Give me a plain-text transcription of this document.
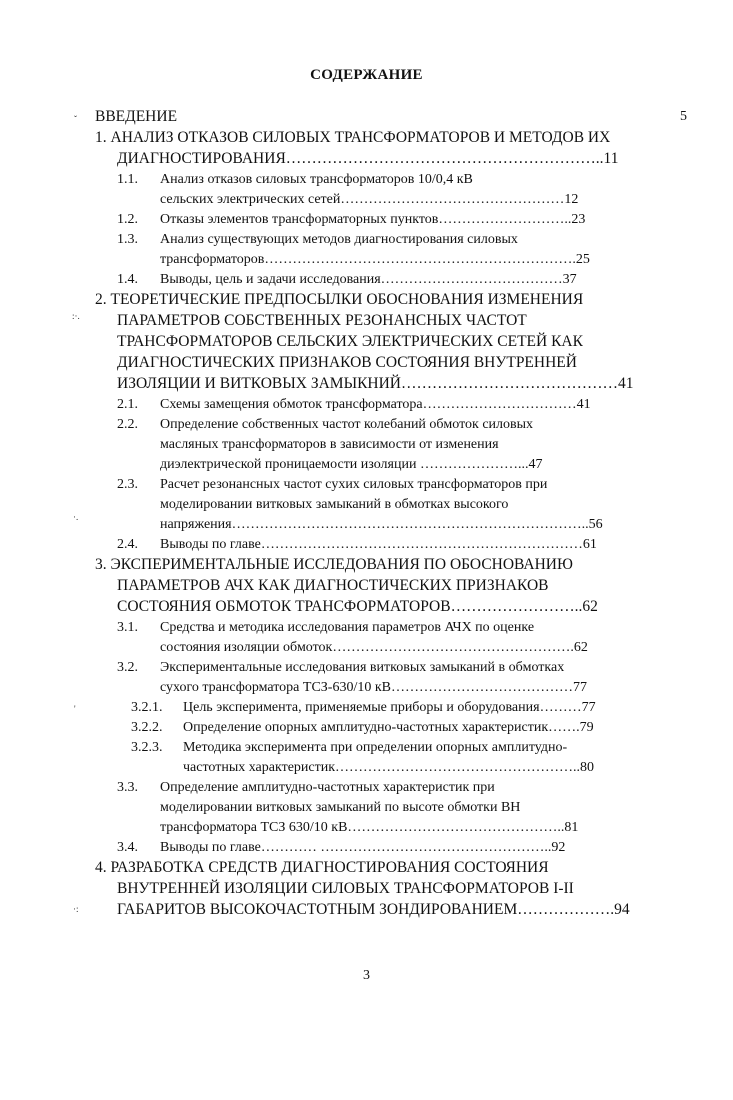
СОДЕРЖАНИЕ
ˇ
:·.
·.
'
·:
ВВЕДЕНИЕ	5
1. АНАЛИЗ ОТКАЗОВ СИЛОВЫХ ТРАНСФОРМАТОРОВ И МЕТОДОВ ИХ
ДИАГНОСТИРОВАНИЯ……………………………………………………..11
1.1. Анализ отказов силовых трансформаторов 10/0,4 кВ
сельских электрических сетей…………………………………………12
1.2. Отказы элементов трансформаторных пунктов………………………..23
1.3. Анализ существующих методов диагностирования силовых
трансформаторов………………………………………………………….25
1.4. Выводы, цель и задачи исследования…………………………………37
2. ТЕОРЕТИЧЕСКИЕ ПРЕДПОСЫЛКИ ОБОСНОВАНИЯ ИЗМЕНЕНИЯ
ПАРАМЕТРОВ СОБСТВЕННЫХ РЕЗОНАНСНЫХ ЧАСТОТ
ТРАНСФОРМАТОРОВ СЕЛЬСКИХ ЭЛЕКТРИЧЕСКИХ СЕТЕЙ КАК
ДИАГНОСТИЧЕСКИХ ПРИЗНАКОВ СОСТОЯНИЯ ВНУТРЕННЕЙ
ИЗОЛЯЦИИ И ВИТКОВЫХ ЗАМЫКНИЙ……………………………………41
2.1. Схемы замещения обмоток трансформатора……………………………41
2.2. Определение собственных частот колебаний обмоток силовых
масляных трансформаторов в зависимости от изменения
диэлектрической проницаемости изоляции …………………...47
2.3. Расчет резонансных частот сухих силовых трансформаторов при
моделировании витковых замыканий в обмотках высокого
напряжения…………………………………………………………………..56
2.4. Выводы по главе……………………………………………………………61
3. ЭКСПЕРИМЕНТАЛЬНЫЕ ИССЛЕДОВАНИЯ ПО ОБОСНОВАНИЮ
ПАРАМЕТРОВ АЧХ КАК ДИАГНОСТИЧЕСКИХ ПРИЗНАКОВ
СОСТОЯНИЯ ОБМОТОК ТРАНСФОРМАТОРОВ……………………..62
3.1. Средства и методика исследования параметров АЧХ по оценке
состояния изоляции обмоток…………………………………………….62
3.2. Экспериментальные исследования витковых замыканий в обмотках
сухого трансформатора ТСЗ-630/10 кВ…………………………………77
3.2.1. Цель эксперимента, применяемые приборы и оборудования………77
3.2.2. Определение опорных амплитудно-частотных характеристик…….79
3.2.3. Методика эксперимента при определении опорных амплитудно-
частотных характеристик……………………………………………..80
3.3. Определение амплитудно-частотных характеристик при
моделировании витковых замыканий по высоте обмотки ВН
трансформатора ТСЗ 630/10 кВ………………………………………..81
3.4. Выводы по главе………… …………………………………………..92
4. РАЗРАБОТКА СРЕДСТВ ДИАГНОСТИРОВАНИЯ СОСТОЯНИЯ
ВНУТРЕННЕЙ ИЗОЛЯЦИИ СИЛОВЫХ ТРАНСФОРМАТОРОВ I-II
ГАБАРИТОВ ВЫСОКОЧАСТОТНЫМ ЗОНДИРОВАНИЕМ……………….94
3
